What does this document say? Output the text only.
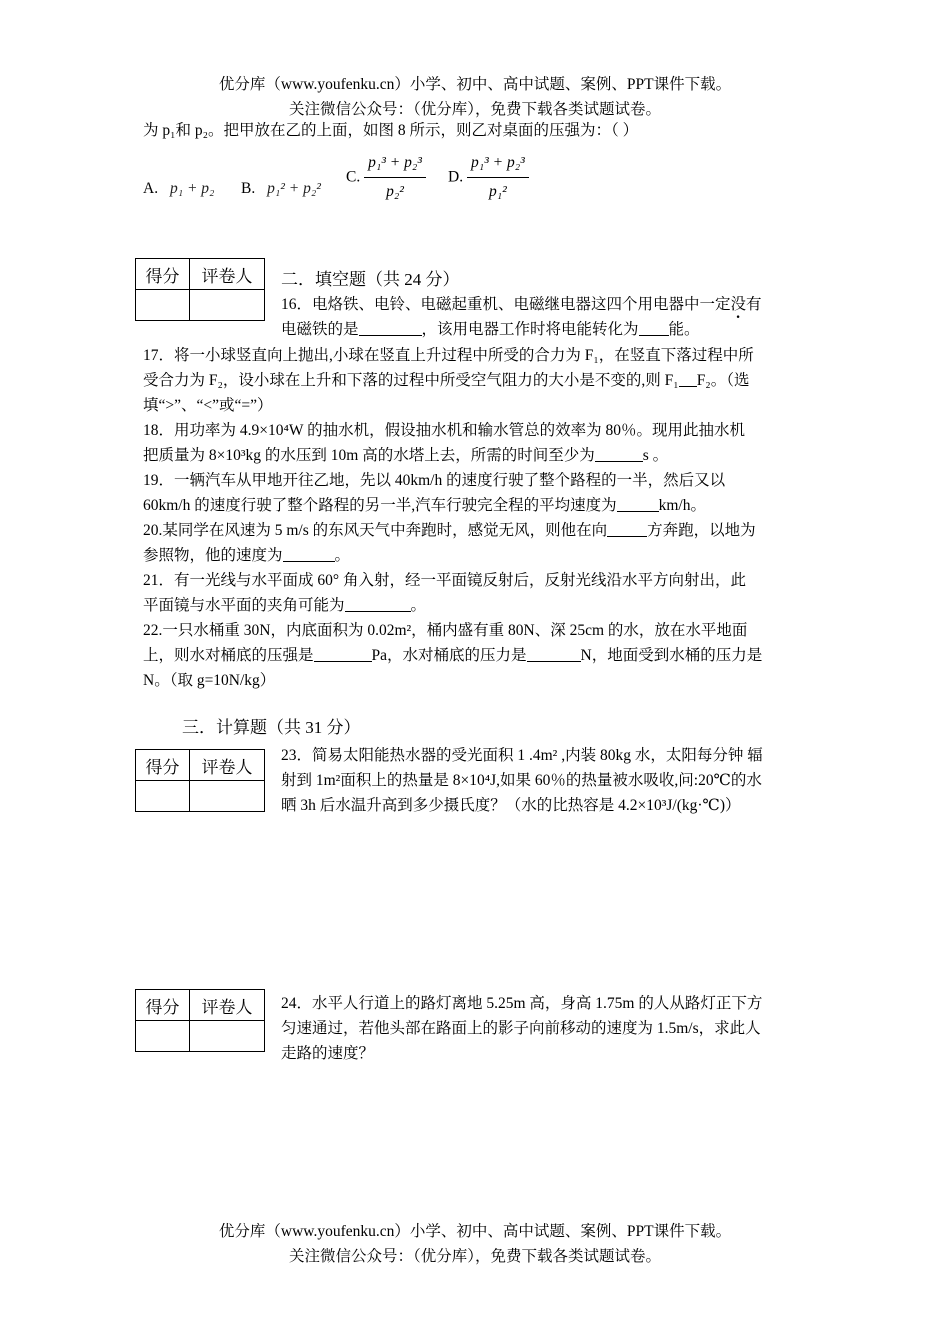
优分库（www.youfenku.cn）小学、初中、高中试题、案例、PPT课件下载。
关注微信公众号：（优分库），免费下载各类试题试卷。
为 p₁和 p₂。把甲放在乙的上面，如图 8 所示，则乙对桌面的压强为：（ ）
A. p₁ + p₂ B. p₁² + p₂²
C. $\frac{\text{p₁³ + p₂³}}{\text{p₂²}} D$. $\frac{\text{p₁³ + p₂³}}{\text{p₁²}}$
得分	评卷人
	二．填空题（共 24 分）
16．电烙铁、电铃、电磁起重机、电磁继电器这四个用电器中一定没有
电磁铁的是	，该用电器工作时将电能转化为 能。
17．将一小球竖直向上抛出,小球在竖直上升过程中所受的合力为 F₁，在竖直下落过程中所
受合力为 F₂，设小球在上升和下落的过程中所受空气阻力的大小是不变的,则 F₁ F₂。（选
填“>”、“<”或“=”）
18．用功率为 4.9×10⁴W 的抽水机，假设抽水机和输水管总的效率为 80％。现用此抽水机
把质量为 8×10³kg 的水压到 10m 高的水塔上去，所需的时间至少为	s 。
19．一辆汽车从甲地开往乙地，先以 40km/h 的速度行驶了整个路程的一半，然后又以
60km/h 的速度行驶了整个路程的另一半,汽车行驶完全程的平均速度为	km/h。
20.某同学在风速为 5 m/s 的东风天气中奔跑时，感觉无风，则他在向	方奔跑，以地为
参照物，他的速度为	。
21．有一光线与水平面成 60° 角入射，经一平面镜反射后，反射光线沿水平方向射出，此
平面镜与水平面的夹角可能为	。
22.一只水桶重 30N，内底面积为 0.02m²，桶内盛有重 80N、深 25cm 的水，放在水平地面
上，则水对桶底的压强是	Pa，水对桶底的压力是	N，地面受到水桶的压力是
N。（取 g=10N/kg）
三．计算题（共 31 分）
得分	评卷人

23．简易太阳能热水器的受光面积 1 .4m² ,内装 80kg 水，太阳每分钟 辐
射到 1m²面积上的热量是 8×10⁴J,如果 60％的热量被水吸收,问:20℃的水
晒 3h 后水温升高到多少摄氏度？（水的比热容是 4.2×10³J/(kg·℃)）
得分	评卷人
	24．水平人行道上的路灯离地 5.25m 高，身高 1.75m 的人从路灯正下方
匀速通过，若他头部在路面上的影子向前移动的速度为 1.5m/s，求此人
走路的速度？
优分库（www.youfenku.cn）小学、初中、高中试题、案例、PPT课件下载。
关注微信公众号：（优分库），免费下载各类试题试卷。
